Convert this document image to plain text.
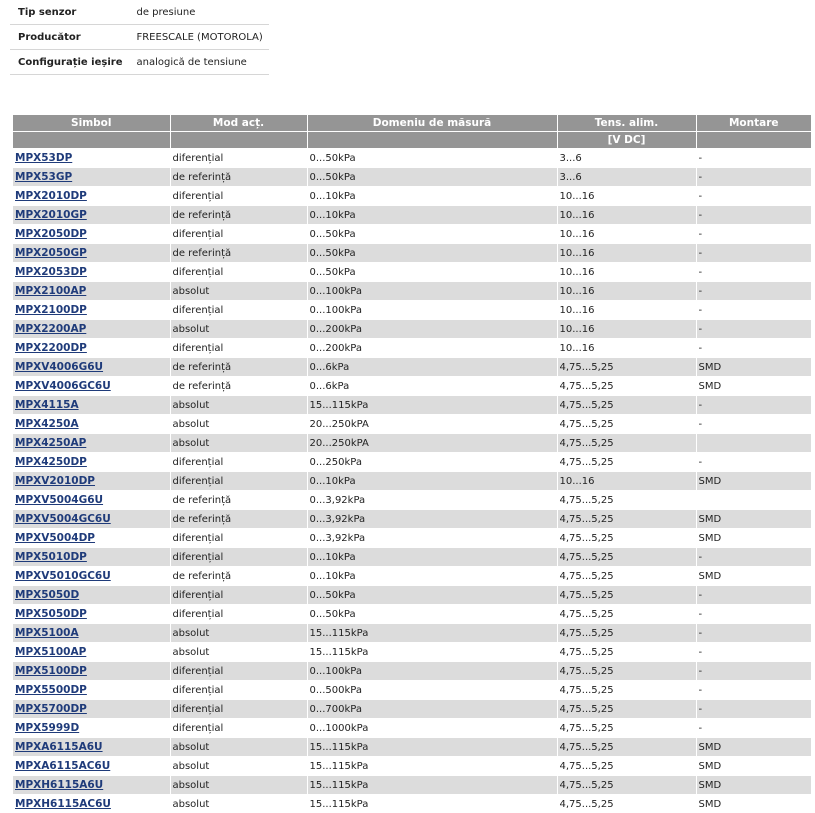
Tip senzor	de presiune
Producător	FREESCALE (MOTOROLA)
Configurație ieșire	analogică de tensiune
Simbol	Mod acț.	Domeniu de măsură	Tens. alim.	Montare
			[V DC]	
MPX53DP	diferențial	0...50kPa	3...6	-
MPX53GP	de referință	0...50kPa	3...6	-
MPX2010DP	diferențial	0...10kPa	10...16	-
MPX2010GP	de referință	0...10kPa	10...16	-
MPX2050DP	diferențial	0...50kPa	10...16	-
MPX2050GP	de referință	0...50kPa	10...16	-
MPX2053DP	diferențial	0...50kPa	10...16	-
MPX2100AP	absolut	0...100kPa	10...16	-
MPX2100DP	diferențial	0...100kPa	10...16	-
MPX2200AP	absolut	0...200kPa	10...16	-
MPX2200DP	diferențial	0...200kPa	10...16	-
MPXV4006G6U	de referință	0...6kPa	4,75...5,25	SMD
MPXV4006GC6U	de referință	0...6kPa	4,75...5,25	SMD
MPX4115A	absolut	15...115kPa	4,75...5,25	-
MPX4250A	absolut	20...250kPA	4,75...5,25	-
MPX4250AP	absolut	20...250kPA	4,75...5,25	
MPX4250DP	diferențial	0...250kPa	4,75...5,25	-
MPXV2010DP	diferențial	0...10kPa	10...16	SMD
MPXV5004G6U	de referință	0...3,92kPa	4,75...5,25	
MPXV5004GC6U	de referință	0...3,92kPa	4,75...5,25	SMD
MPXV5004DP	diferențial	0...3,92kPa	4,75...5,25	SMD
MPX5010DP	diferențial	0...10kPa	4,75...5,25	-
MPXV5010GC6U	de referință	0...10kPa	4,75...5,25	SMD
MPX5050D	diferențial	0...50kPa	4,75...5,25	-
MPX5050DP	diferențial	0...50kPa	4,75...5,25	-
MPX5100A	absolut	15...115kPa	4,75...5,25	-
MPX5100AP	absolut	15...115kPa	4,75...5,25	-
MPX5100DP	diferențial	0...100kPa	4,75...5,25	-
MPX5500DP	diferențial	0...500kPa	4,75...5,25	-
MPX5700DP	diferențial	0...700kPa	4,75...5,25	-
MPX5999D	diferențial	0...1000kPa	4,75...5,25	-
MPXA6115A6U	absolut	15...115kPa	4,75...5,25	SMD
MPXA6115AC6U	absolut	15...115kPa	4,75...5,25	SMD
MPXH6115A6U	absolut	15...115kPa	4,75...5,25	SMD
MPXH6115AC6U	absolut	15...115kPa	4,75...5,25	SMD
